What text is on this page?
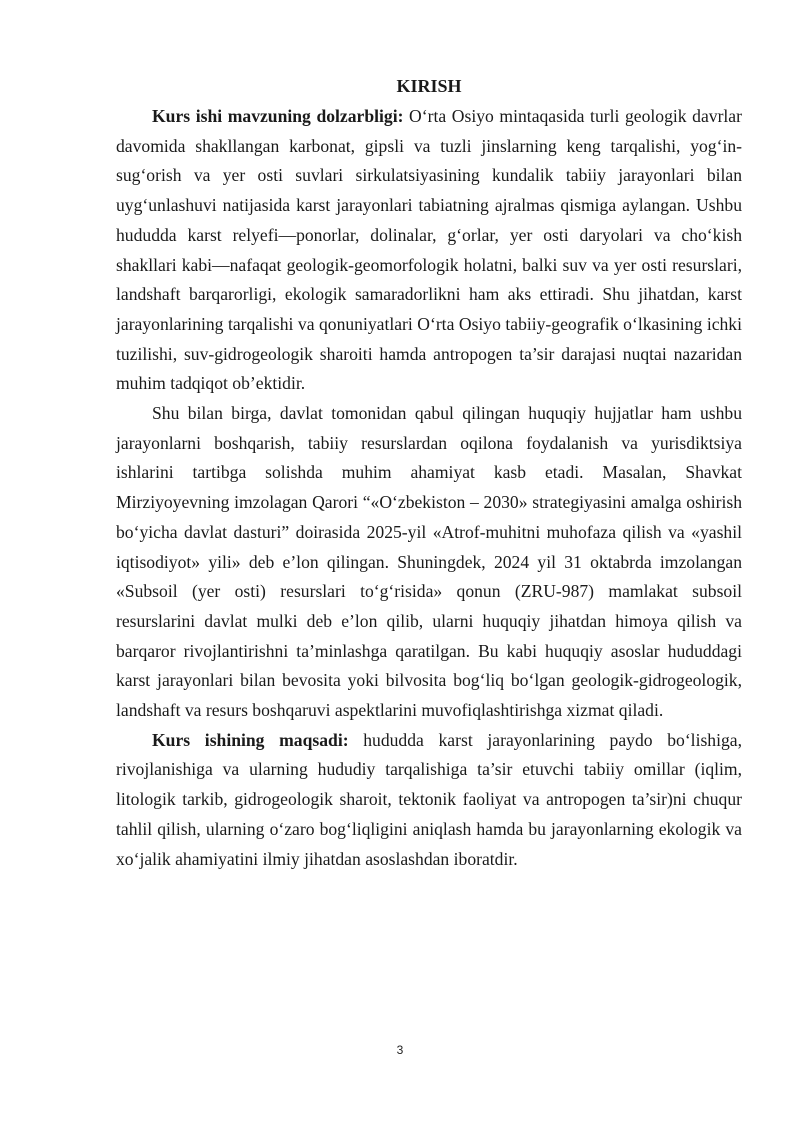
KIRISH

Kurs ishi mavzuning dolzarbligi: O‘rta Osiyo mintaqasida turli geologik davrlar davomida shakllangan karbonat, gipsli va tuzli jinslarning keng tarqalishi, yog‘in-sug‘orish va yer osti suvlari sirkulatsiyasining kundalik tabiiy jarayonlari bilan uyg‘unlashuvi natijasida karst jarayonlari tabiatning ajralmas qismiga aylangan. Ushbu hududda karst relyefi—ponorlar, dolinalar, g‘orlar, yer osti daryolari va cho‘kish shakllari kabi—nafaqat geologik-geomorfologik holatni, balki suv va yer osti resurslari, landshaft barqarorligi, ekologik samaradorlikni ham aks ettiradi. Shu jihatdan, karst jarayonlarining tarqalishi va qonuniyatlari O‘rta Osiyo tabiiy-geografik o‘lkasining ichki tuzilishi, suv-gidrogeologik sharoiti hamda antropogen ta’sir darajasi nuqtai nazaridan muhim tadqiqot ob’ektidir.

Shu bilan birga, davlat tomonidan qabul qilingan huquqiy hujjatlar ham ushbu jarayonlarni boshqarish, tabiiy resurslardan oqilona foydalanish va yurisdiktsiya ishlarini tartibga solishda muhim ahamiyat kasb etadi. Masalan, Shavkat Mirziyoyevning imzolagan Qarori “«O‘zbekiston – 2030» strategiyasini amalga oshirish bo‘yicha davlat dasturi” doirasida 2025-yil «Atrof-muhitni muhofaza qilish va «yashil iqtisodiyot» yili» deb e’lon qilingan. Shuningdek, 2024 yil 31 oktabrda imzolangan «Subsoil (yer osti) resurslari to‘g‘risida» qonun (ZRU-987) mamlakat subsoil resurslarini davlat mulki deb e’lon qilib, ularni huquqiy jihatdan himoya qilish va barqaror rivojlantirishni ta’minlashga qaratilgan. Bu kabi huquqiy asoslar hududdagi karst jarayonlari bilan bevosita yoki bilvosita bog‘liq bo‘lgan geologik-gidrogeologik, landshaft va resurs boshqaruvi aspektlarini muvofiqlashtirishga xizmat qiladi.

Kurs ishining maqsadi: hududda karst jarayonlarining paydo bo‘lishiga, rivojlanishiga va ularning hududiy tarqalishiga ta’sir etuvchi tabiiy omillar (iqlim, litologik tarkib, gidrogeologik sharoit, tektonik faoliyat va antropogen ta’sir)ni chuqur tahlil qilish, ularning o‘zaro bog‘liqligini aniqlash hamda bu jarayonlarning ekologik va xo‘jalik ahamiyatini ilmiy jihatdan asoslashdan iboratdir.

3
